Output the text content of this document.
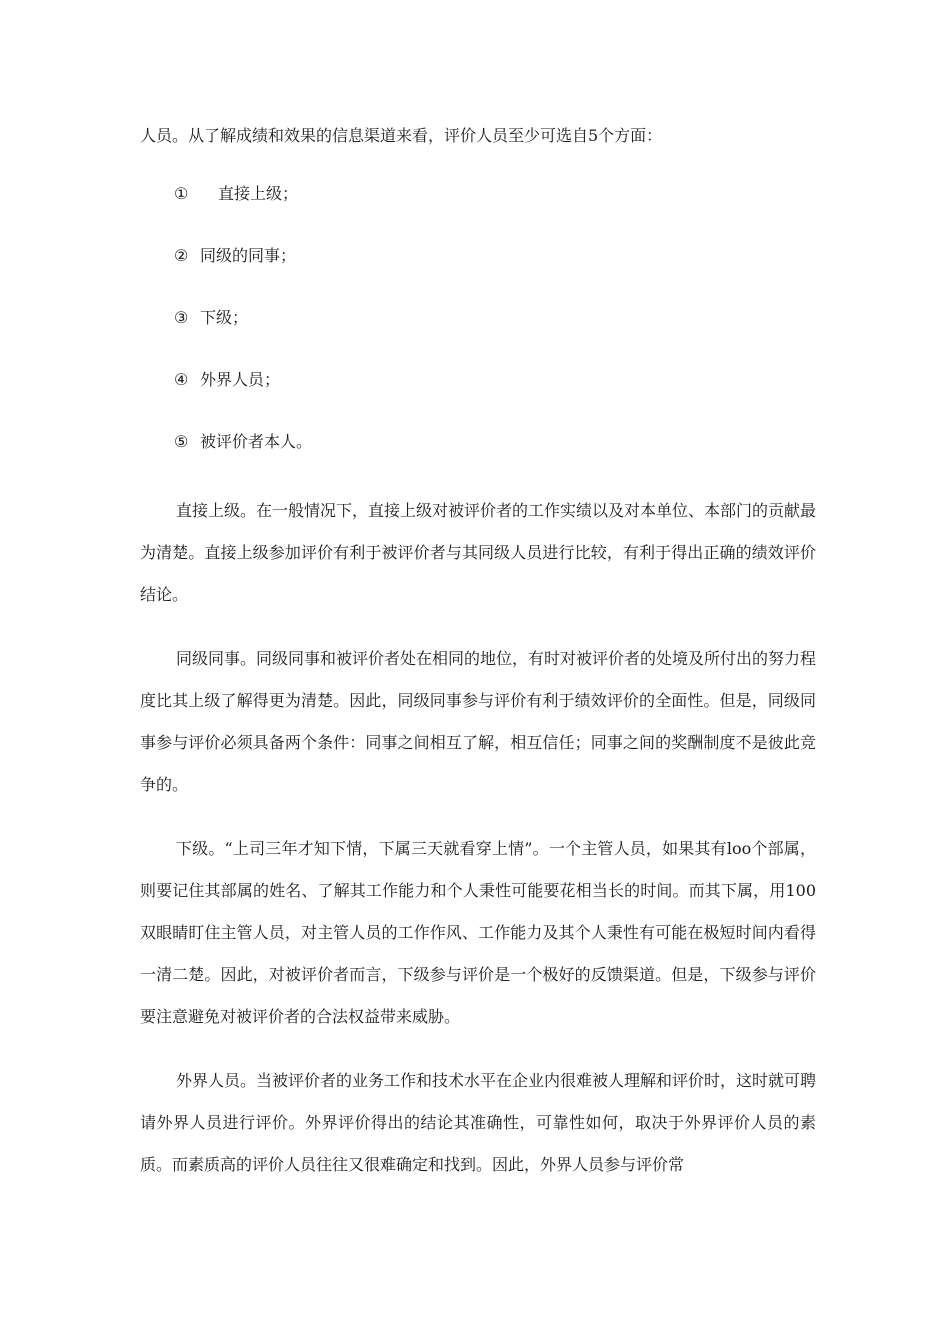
人员。从了解成绩和效果的信息渠道来看，评价人员至少可选自5个方面：

① 直接上级；
② 同级的同事；
③ 下级；
④ 外界人员；
⑤ 被评价者本人。

直接上级。在一般情况下，直接上级对被评价者的工作实绩以及对本单位、本部门的贡献最为清楚。直接上级参加评价有利于被评价者与其同级人员进行比较，有利于得出正确的绩效评价结论。

同级同事。同级同事和被评价者处在相同的地位，有时对被评价者的处境及所付出的努力程度比其上级了解得更为清楚。因此，同级同事参与评价有利于绩效评价的全面性。但是，同级同事参与评价必须具备两个条件：同事之间相互了解，相互信任；同事之间的奖酬制度不是彼此竞争的。

下级。“上司三年才知下情，下属三天就看穿上情”。一个主管人员，如果其有loo个部属，则要记住其部属的姓名、了解其工作能力和个人秉性可能要花相当长的时间。而其下属，用100双眼睛盯住主管人员，对主管人员的工作作风、工作能力及其个人秉性有可能在极短时间内看得一清二楚。因此，对被评价者而言，下级参与评价是一个极好的反馈渠道。但是，下级参与评价要注意避免对被评价者的合法权益带来威胁。

外界人员。当被评价者的业务工作和技术水平在企业内很难被人理解和评价时，这时就可聘请外界人员进行评价。外界评价得出的结论其准确性，可靠性如何，取决于外界评价人员的素质。而素质高的评价人员往往又很难确定和找到。因此，外界人员参与评价常
